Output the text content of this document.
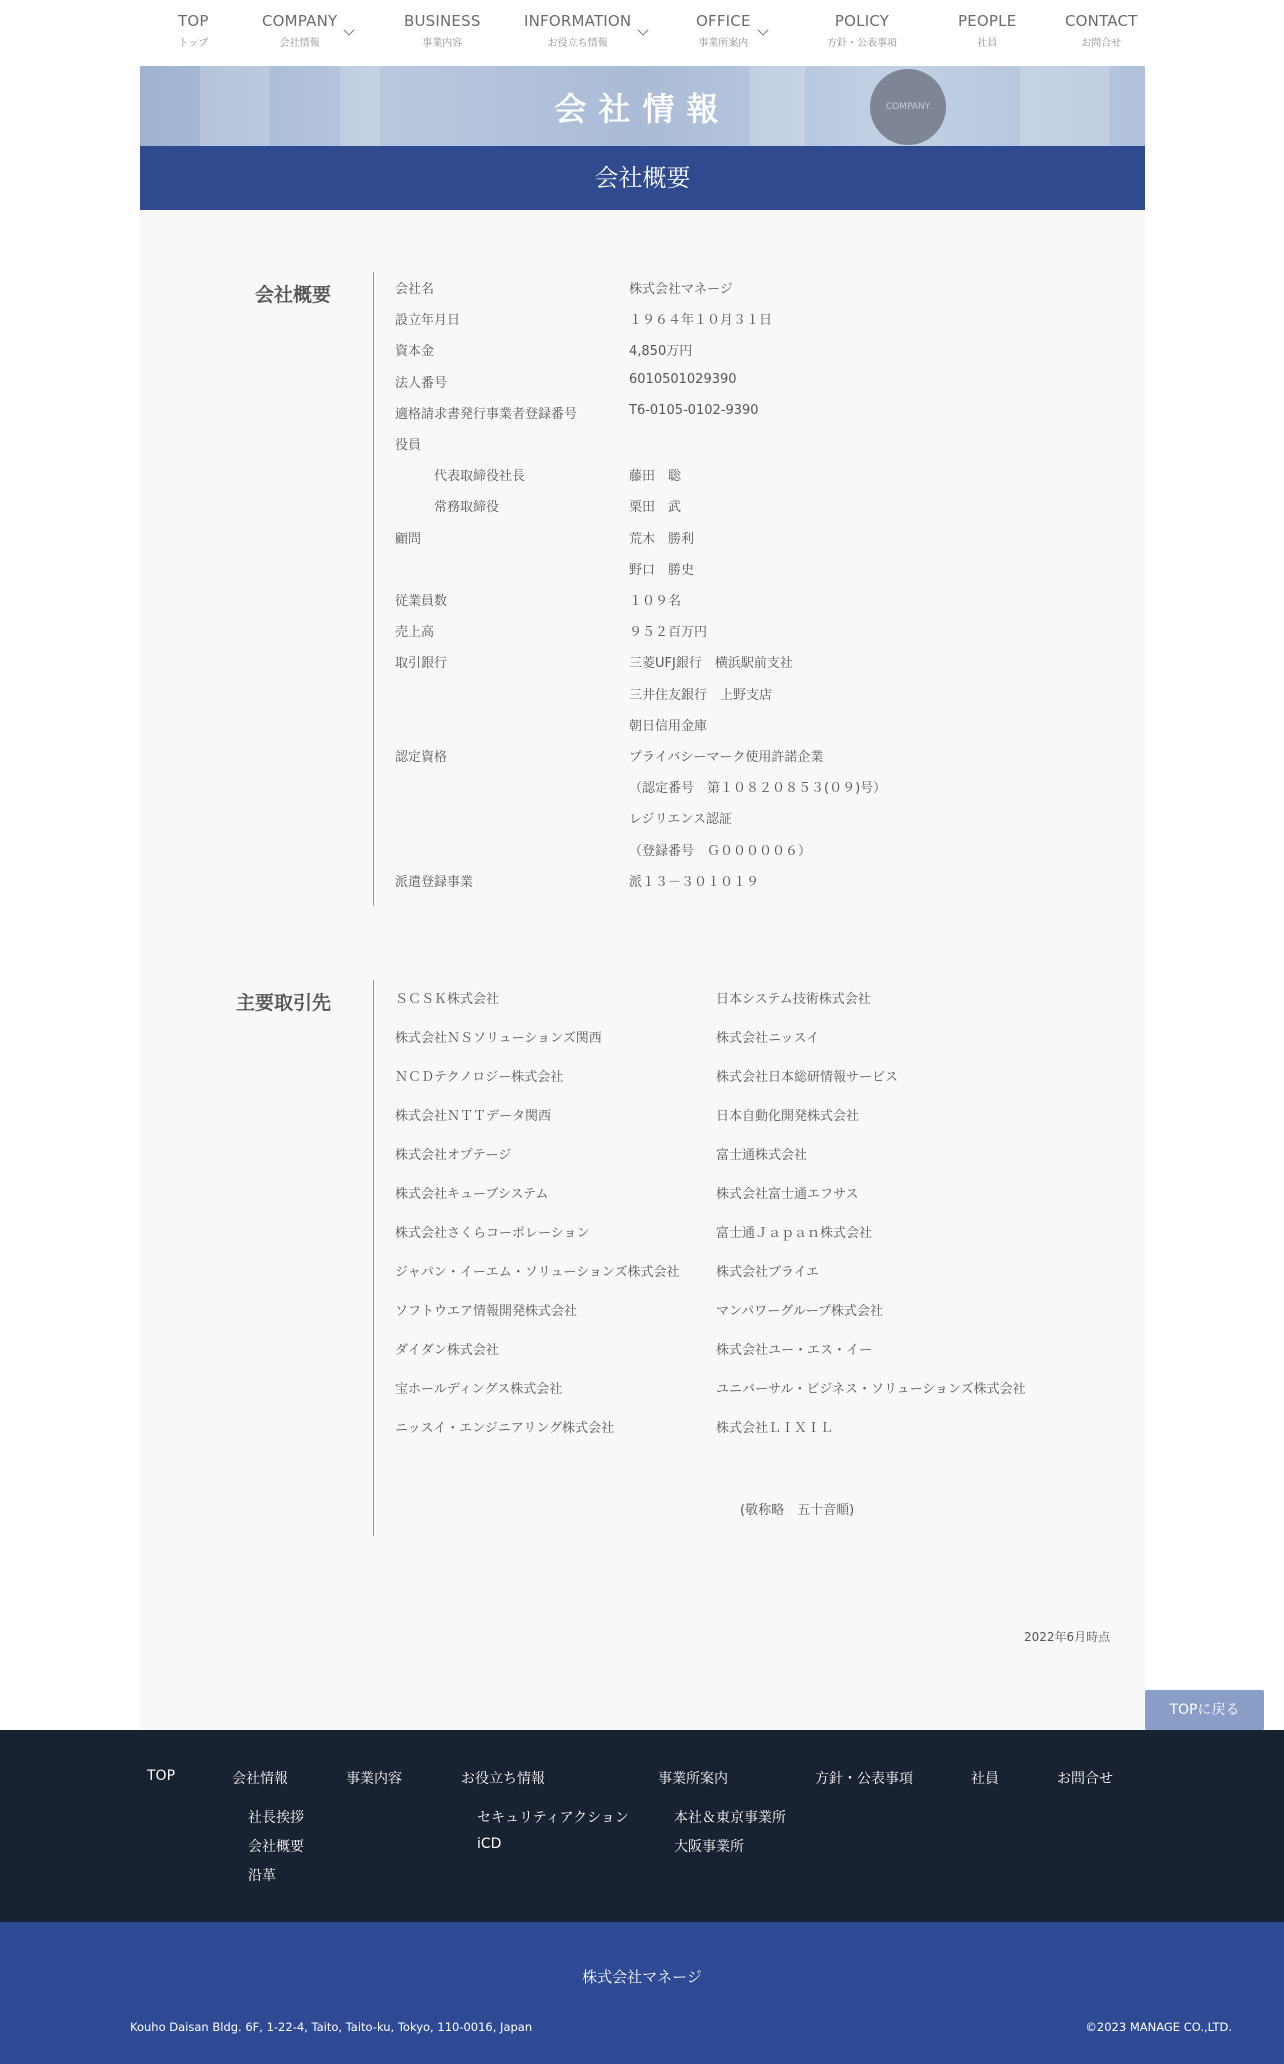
TOP
トップ
COMPANY
会社情報
BUSINESS
事業内容
INFORMATION
お役立ち情報
OFFICE
事業所案内
POLICY
方針・公表事項
PEOPLE
社員
CONTACT
お問合せ
会社情報	COMPANY
会社概要
会社概要	会社名	株式会社マネージ
設立年月日	１９６４年１０月３１日
資本金	4,850万円
法人番号	6010501029390
適格請求書発行事業者登録番号	T6-0105-0102-9390
役員
代表取締役社長	藤田　聡
常務取締役	栗田　武
顧問	荒木　勝利
野口　勝史
従業員数	１０９名
売上高	９５２百万円
取引銀行	三菱UFJ銀行　横浜駅前支社
三井住友銀行　上野支店
朝日信用金庫
認定資格	プライバシーマーク使用許諾企業
（認定番号　第１０８２０８５３(０９)号）
レジリエンス認証
（登録番号　Ｇ０００００６）
派遣登録事業	派１３－３０１０１９
主要取引先	ＳＣＳＫ株式会社
株式会社ＮＳソリューションズ関西
ＮＣＤテクノロジー株式会社
株式会社ＮＴＴデータ関西
株式会社オプテージ
株式会社キューブシステム
株式会社さくらコーポレーション
ジャパン・イーエム・ソリューションズ株式会社
ソフトウエア情報開発株式会社
ダイダン株式会社
宝ホールディングス株式会社
ニッスイ・エンジニアリング株式会社
日本システム技術株式会社
株式会社ニッスイ
株式会社日本総研情報サービス
日本自動化開発株式会社
富士通株式会社
株式会社富士通エフサス
富士通Ｊａｐａｎ株式会社
株式会社ブライエ
マンパワーグループ株式会社
株式会社ユー・エス・イー
ユニバーサル・ビジネス・ソリューションズ株式会社
株式会社ＬＩＸＩＬ
(敬称略　五十音順)
2022年6月時点
TOPに戻る
TOP	会社情報	事業内容	お役立ち情報	事業所案内	方針・公表事項	社員	お問合せ
社長挨拶
会社概要
沿革
セキュリティアクション
iCD
本社＆東京事業所
大阪事業所
株式会社マネージ
Kouho Daisan Bldg. 6F, 1-22-4, Taito, Taito-ku, Tokyo, 110-0016, Japan	©2023 MANAGE CO.,LTD.
